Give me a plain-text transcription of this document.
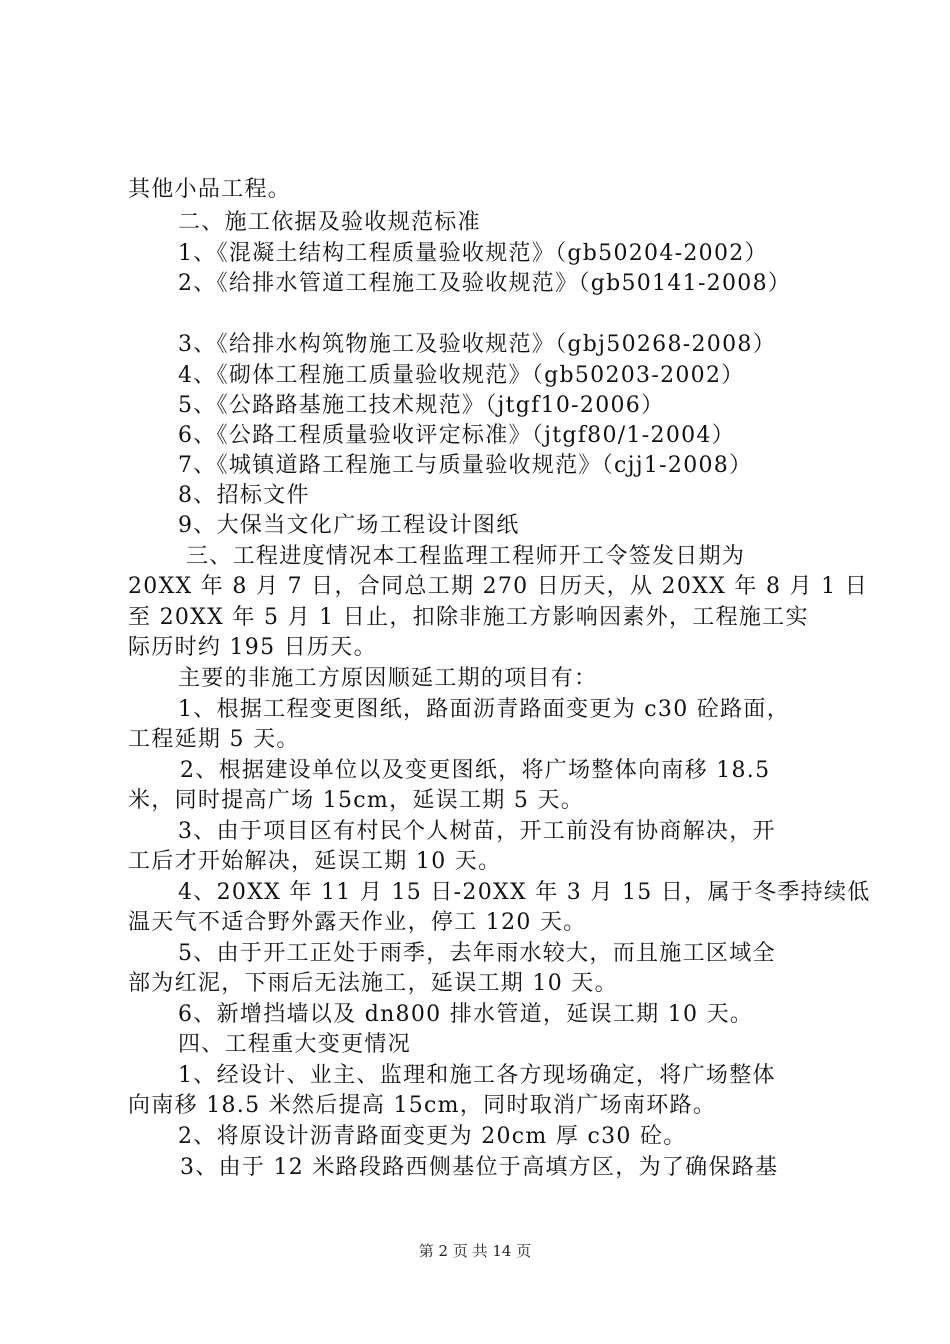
其他小品工程。
二、施工依据及验收规范标准
1、《混凝土结构工程质量验收规范》（gb50204-2002）
2、《给排水管道工程施工及验收规范》（gb50141-2008）
3、《给排水构筑物施工及验收规范》（gbj50268-2008）
4、《砌体工程施工质量验收规范》（gb50203-2002）
5、《公路路基施工技术规范》（jtgf10-2006）
6、《公路工程质量验收评定标准》（jtgf80/1-2004）
7、《城镇道路工程施工与质量验收规范》（cjj1-2008）
8、招标文件
9、大保当文化广场工程设计图纸
三、工程进度情况本工程监理工程师开工令签发日期为
20XX 年 8 月 7 日，合同总工期 270 日历天，从 20XX 年 8 月 1 日
至 20XX 年 5 月 1 日止，扣除非施工方影响因素外，工程施工实
际历时约 195 日历天。
主要的非施工方原因顺延工期的项目有：
1、根据工程变更图纸，路面沥青路面变更为 c30 砼路面，
工程延期 5 天。
2、根据建设单位以及变更图纸，将广场整体向南移 18.5
米，同时提高广场 15cm，延误工期 5 天。
3、由于项目区有村民个人树苗，开工前没有协商解决，开
工后才开始解决，延误工期 10 天。
4、20XX 年 11 月 15 日-20XX 年 3 月 15 日，属于冬季持续低
温天气不适合野外露天作业，停工 120 天。
5、由于开工正处于雨季，去年雨水较大，而且施工区域全
部为红泥，下雨后无法施工，延误工期 10 天。
6、新增挡墙以及 dn800 排水管道，延误工期 10 天。
四、工程重大变更情况
1、经设计、业主、监理和施工各方现场确定，将广场整体
向南移 18.5 米然后提高 15cm，同时取消广场南环路。
2、将原设计沥青路面变更为 20cm 厚 c30 砼。
3、由于 12 米路段路西侧基位于高填方区，为了确保路基
第 2 页 共 14 页
